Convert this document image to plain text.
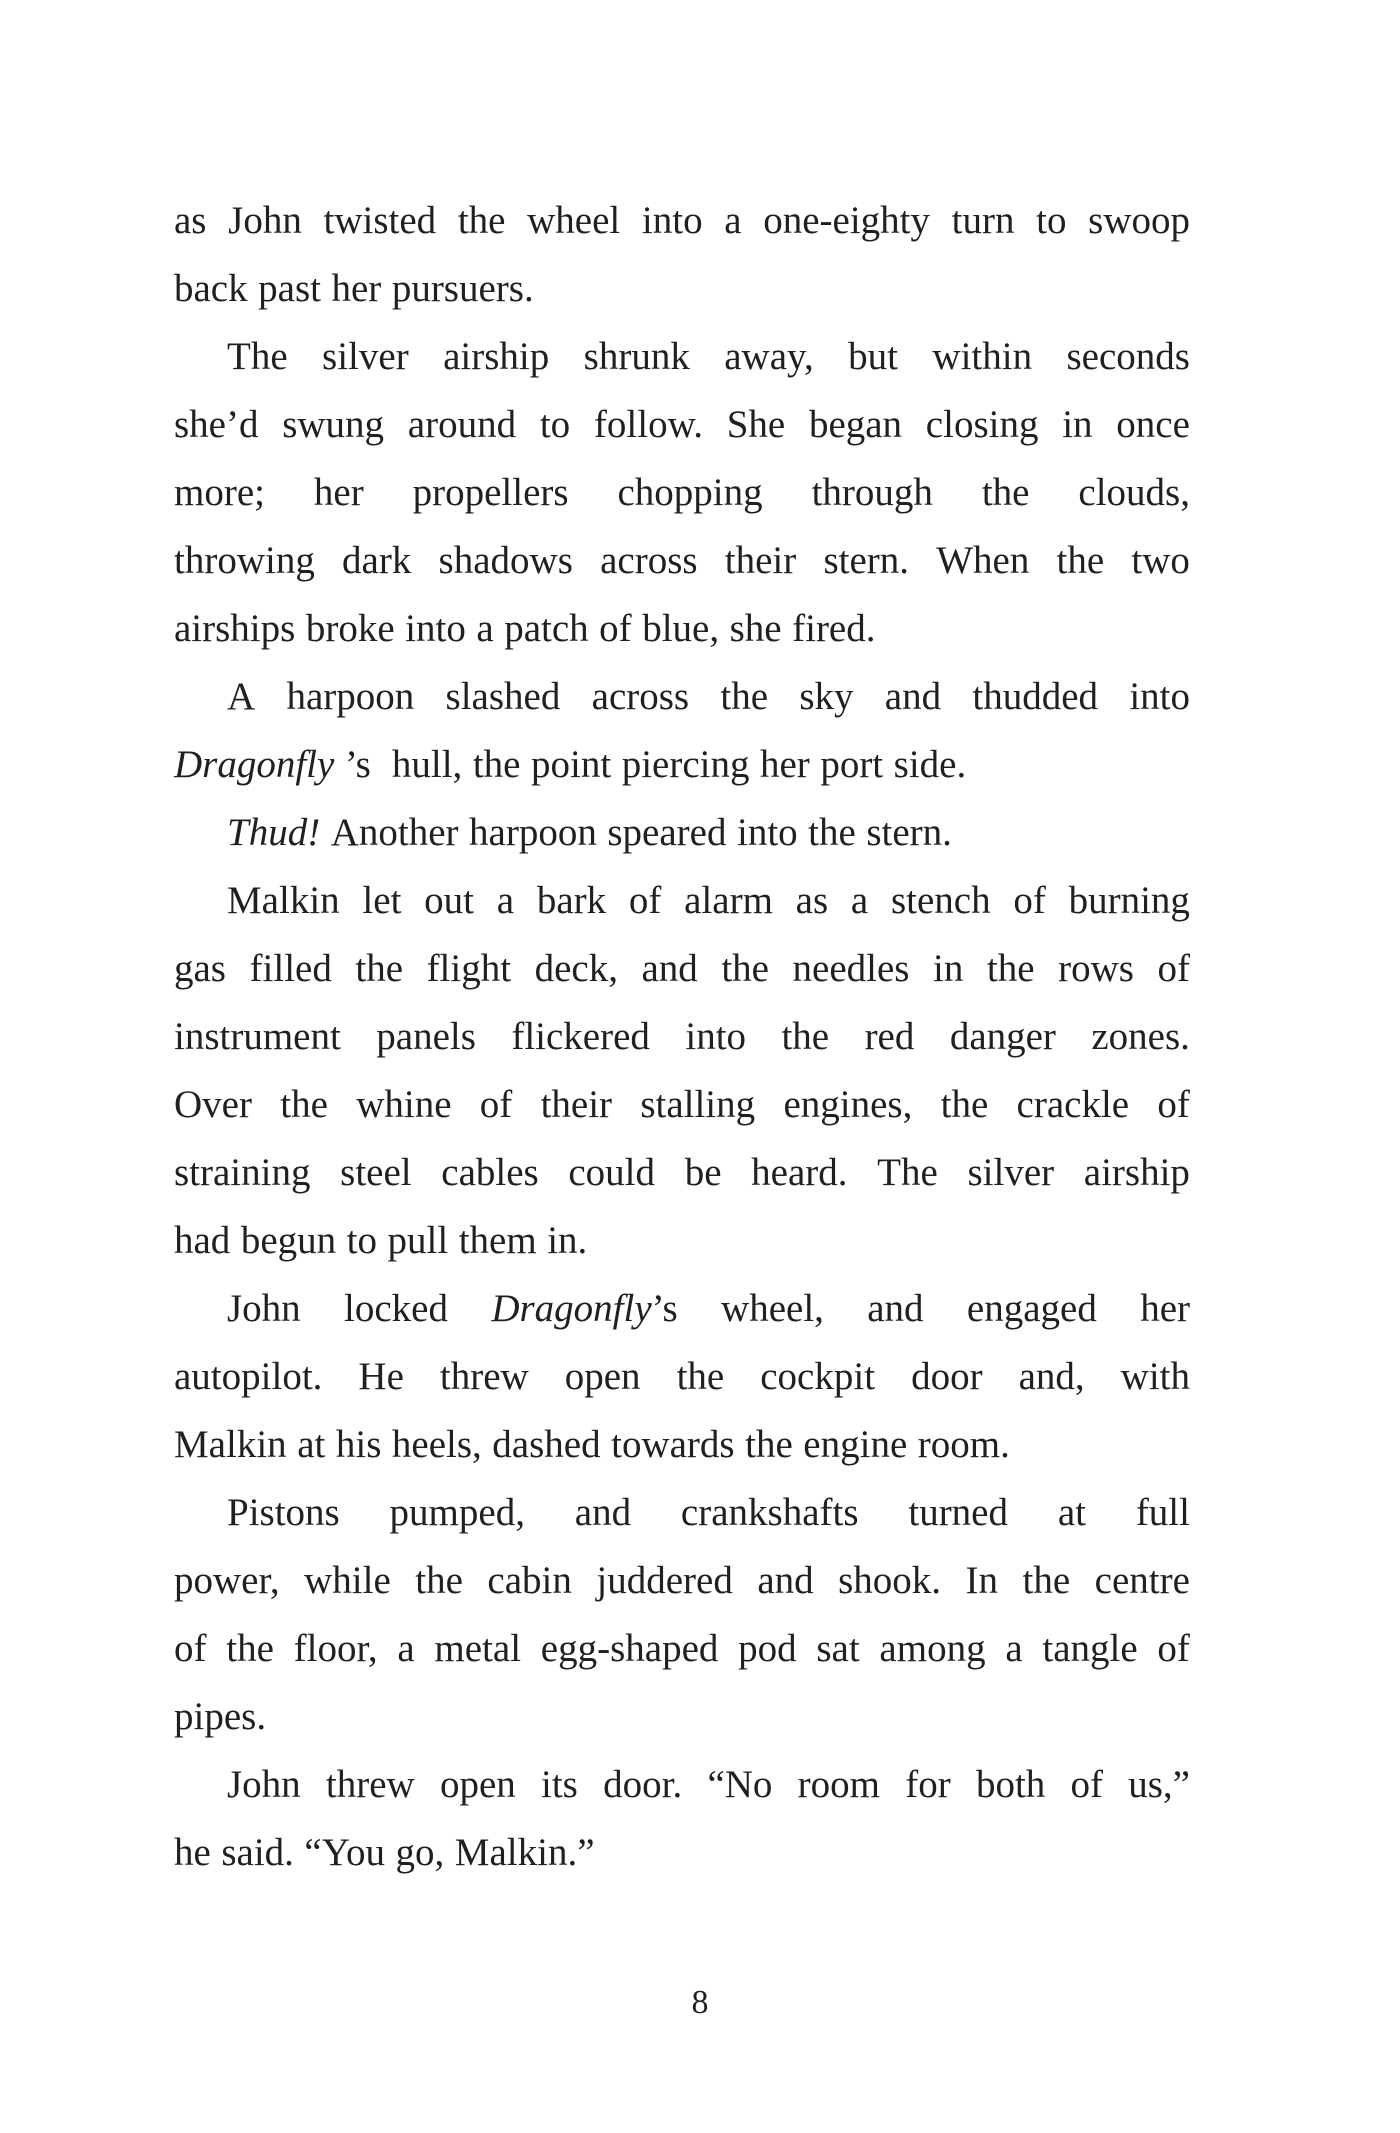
as John twisted the wheel into a one-eighty turn to swoop
back past her pursuers.
The silver airship shrunk away, but within seconds
she’d swung around to follow. She began closing in once
more; her propellers chopping through the clouds,
throwing dark shadows across their stern. When the two
airships broke into a patch of blue, she fired.
A harpoon slashed across the sky and thudded into
Dragonfly ’s hull, the point piercing her port side.
Thud! Another harpoon speared into the stern.
Malkin let out a bark of alarm as a stench of burning
gas filled the flight deck, and the needles in the rows of
instrument panels flickered into the red danger zones.
Over the whine of their stalling engines, the crackle of
straining steel cables could be heard. The silver airship
had begun to pull them in.
John locked Dragonfly’s wheel, and engaged her
autopilot. He threw open the cockpit door and, with
Malkin at his heels, dashed towards the engine room.
Pistons pumped, and crankshafts turned at full
power, while the cabin juddered and shook. In the centre
of the floor, a metal egg-shaped pod sat among a tangle of
pipes.
John threw open its door. “No room for both of us,”
he said. “You go, Malkin.”
8
